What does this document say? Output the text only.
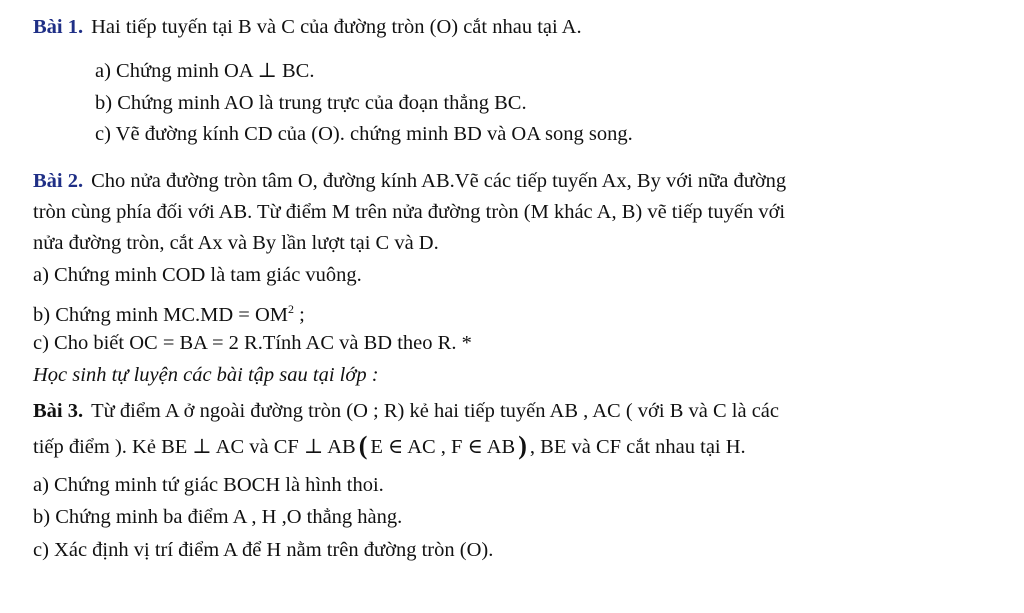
Bài 1. Hai tiếp tuyến tại B và C của đường tròn (O) cắt nhau tại A.
a) Chứng minh OA ⊥ BC.
b) Chứng minh AO là trung trực của đoạn thẳng BC.
c) Vẽ đường kính CD của (O). chứng minh BD và OA song song.
Bài 2. Cho nửa đường tròn tâm O, đường kính AB.Vẽ các tiếp tuyến Ax, By với nữa đường
tròn cùng phía đối với AB. Từ điểm M trên nửa đường tròn (M khác A, B) vẽ tiếp tuyến với
nửa đường tròn, cắt Ax và By lần lượt tại C và D.
a) Chứng minh COD là tam giác vuông.
b) Chứng minh $MC.MD = OM^2$ ;
c) Cho biết OC = BA = 2 R.Tính AC và BD theo R. *
Học sinh tự luyện các bài tập sau tại lớp :
Bài 3. Từ điểm A ở ngoài đường tròn (O ; R) kẻ hai tiếp tuyến AB , AC ( với B và C là các
tiếp điểm ). Kẻ BE ⊥ AC và CF ⊥ AB ( E ∈ AC , F ∈ AB ) , BE và CF cắt nhau tại H.
a) Chứng minh tứ giác BOCH là hình thoi.
b) Chứng minh ba điểm A , H ,O thẳng hàng.
c) Xác định vị trí điểm A để H nằm trên đường tròn (O).
